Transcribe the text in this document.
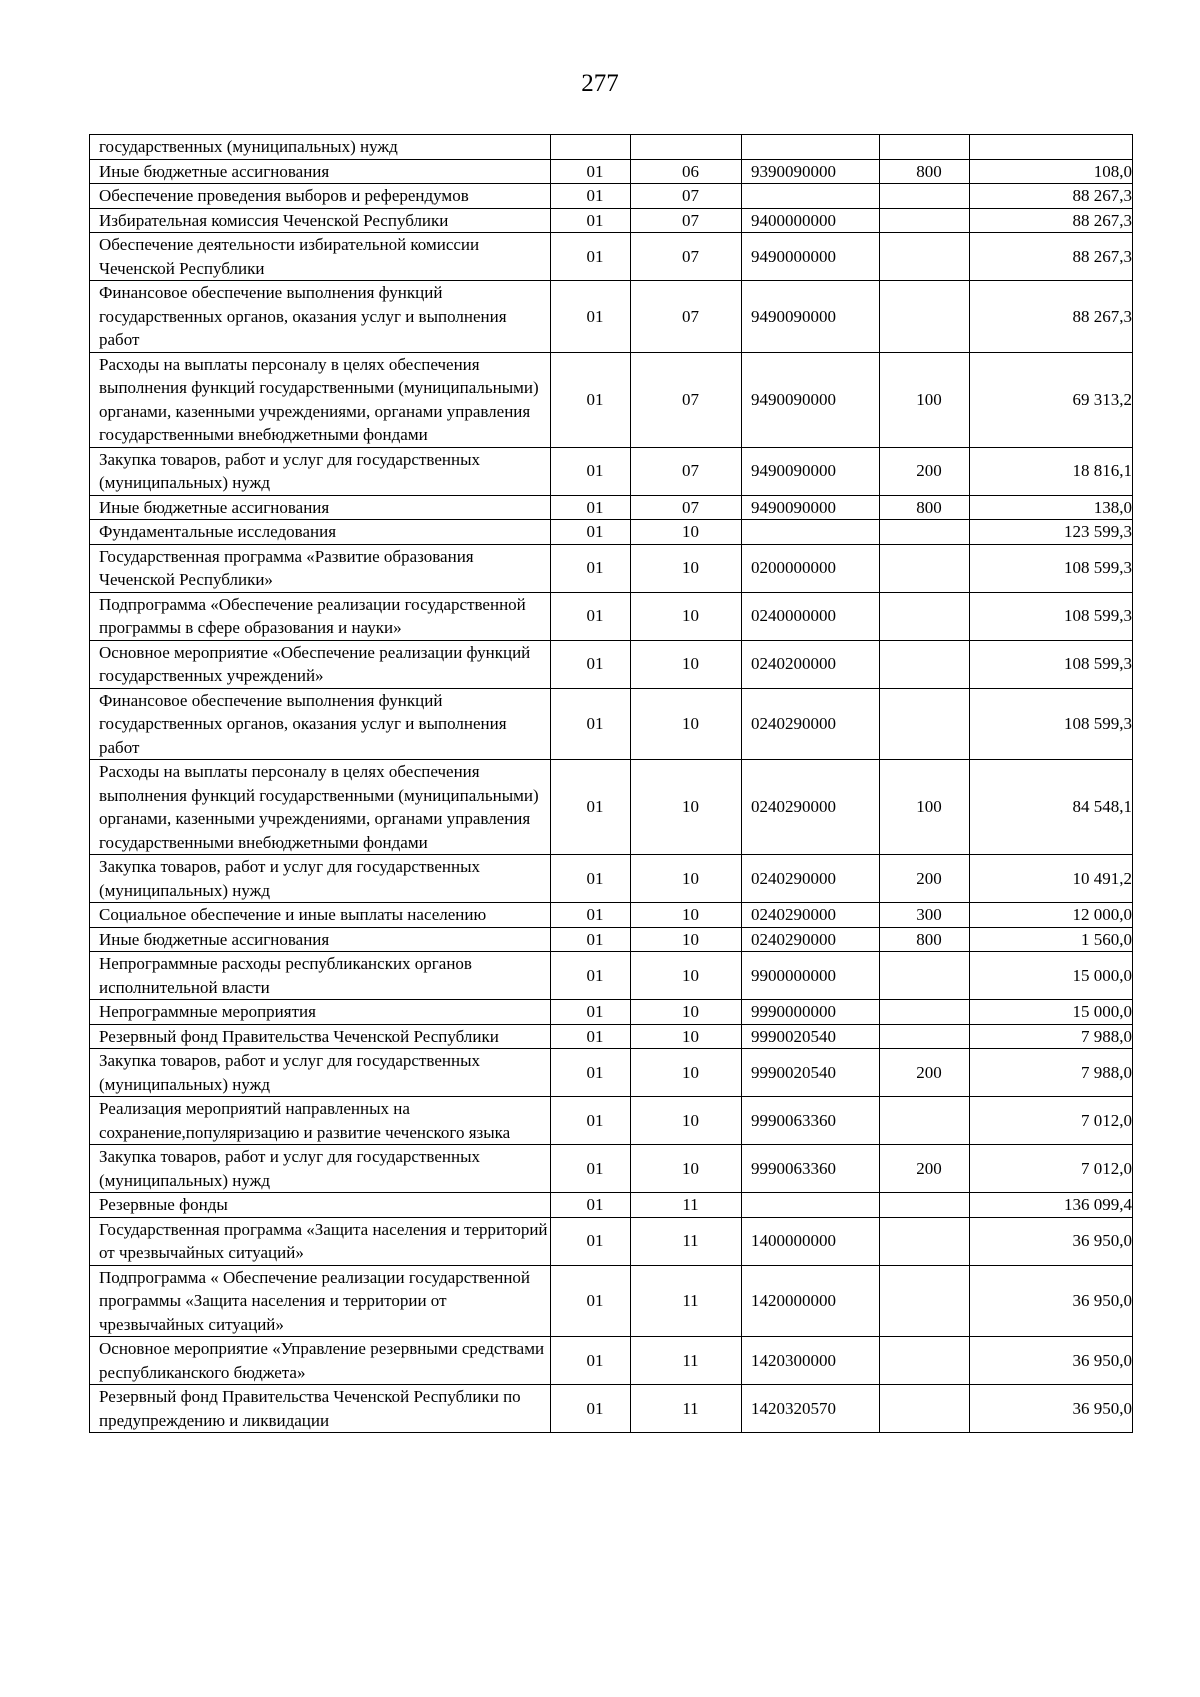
277
государственных (муниципальных) нужд					
Иные бюджетные ассигнования	01	06	9390090000	800	108,0
Обеспечение проведения выборов и референдумов	01	07			88 267,3
Избирательная комиссия Чеченской Республики	01	07	9400000000		88 267,3
Обеспечение деятельности избирательной комиссии Чеченской Республики	01	07	9490000000		88 267,3
Финансовое обеспечение выполнения функций государственных органов, оказания услуг и выполнения работ	01	07	9490090000		88 267,3
Расходы на выплаты персоналу в целях обеспечения выполнения функций государственными (муниципальными) органами, казенными учреждениями, органами управления государственными внебюджетными фондами	01	07	9490090000	100	69 313,2
Закупка товаров, работ и услуг для государственных (муниципальных) нужд	01	07	9490090000	200	18 816,1
Иные бюджетные ассигнования	01	07	9490090000	800	138,0
Фундаментальные исследования	01	10			123 599,3
Государственная программа «Развитие образования Чеченской Республики»	01	10	0200000000		108 599,3
Подпрограмма «Обеспечение реализации государственной программы в сфере образования и науки»	01	10	0240000000		108 599,3
Основное мероприятие «Обеспечение реализации функций государственных учреждений»	01	10	0240200000		108 599,3
Финансовое обеспечение выполнения функций государственных органов, оказания услуг и выполнения работ	01	10	0240290000		108 599,3
Расходы на выплаты персоналу в целях обеспечения выполнения функций государственными (муниципальными) органами, казенными учреждениями, органами управления государственными внебюджетными фондами	01	10	0240290000	100	84 548,1
Закупка товаров, работ и услуг для государственных (муниципальных) нужд	01	10	0240290000	200	10 491,2
Социальное обеспечение и иные выплаты населению	01	10	0240290000	300	12 000,0
Иные бюджетные ассигнования	01	10	0240290000	800	1 560,0
Непрограммные расходы республиканских органов исполнительной власти	01	10	9900000000		15 000,0
Непрограммные мероприятия	01	10	9990000000		15 000,0
Резервный фонд Правительства Чеченской Республики	01	10	9990020540		7 988,0
Закупка товаров, работ и услуг для государственных (муниципальных) нужд	01	10	9990020540	200	7 988,0
Реализация мероприятий направленных на сохранение,популяризацию и развитие чеченского языка	01	10	9990063360		7 012,0
Закупка товаров, работ и услуг для государственных (муниципальных) нужд	01	10	9990063360	200	7 012,0
Резервные фонды	01	11			136 099,4
Государственная программа «Защита населения и территорий от чрезвычайных ситуаций»	01	11	1400000000		36 950,0
Подпрограмма « Обеспечение реализации государственной программы «Защита населения и территории от чрезвычайных ситуаций»	01	11	1420000000		36 950,0
Основное мероприятие «Управление резервными средствами республиканского бюджета»	01	11	1420300000		36 950,0
Резервный фонд Правительства Чеченской Республики по предупреждению и ликвидации	01	11	1420320570		36 950,0
